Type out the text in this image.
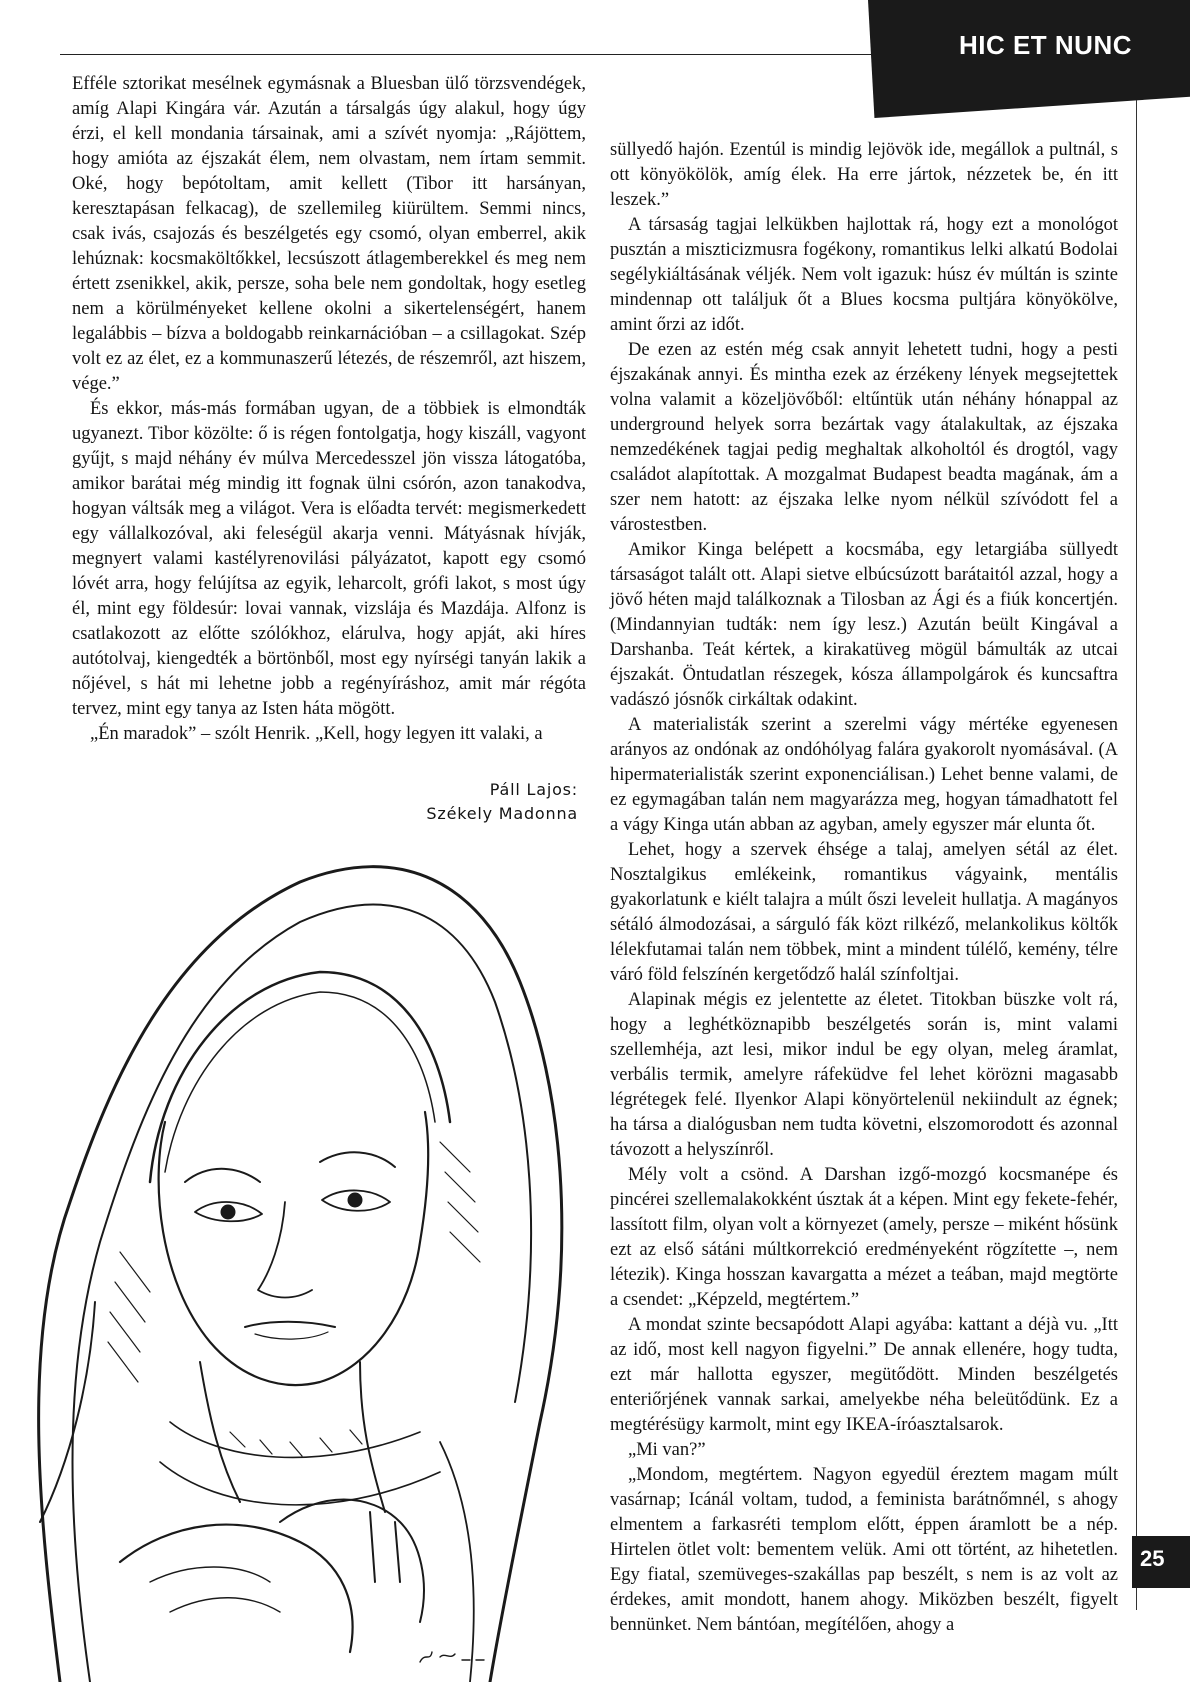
HIC ET NUNC

Efféle sztorikat mesélnek egymásnak a Bluesban ülő törzsvendégek, amíg Alapi Kingára vár. Azután a társalgás úgy alakul, hogy úgy érzi, el kell mondania társainak, ami a szívét nyomja: „Rájöttem, hogy amióta az éjszakát élem, nem olvastam, nem írtam semmit. Oké, hogy bepótoltam, amit kellett (Tibor itt harsányan, keresztapásan felkacag), de szellemileg kiürültem. Semmi nincs, csak ivás, csajozás és beszélgetés egy csomó, olyan emberrel, akik lehúznak: kocsmaköltőkkel, lecsúszott átlagemberekkel és meg nem értett zsenikkel, akik, persze, soha bele nem gondoltak, hogy esetleg nem a körülményeket kellene okolni a sikertelenségért, hanem legalábbis – bízva a boldogabb reinkarnációban – a csillagokat. Szép volt ez az élet, ez a kommunaszerű létezés, de részemről, azt hiszem, vége.”

És ekkor, más-más formában ugyan, de a többiek is elmondták ugyanezt. Tibor közölte: ő is régen fontolgatja, hogy kiszáll, vagyont gyűjt, s majd néhány év múlva Mercedesszel jön vissza látogatóba, amikor barátai még mindig itt fognak ülni csórón, azon tanakodva, hogyan váltsák meg a világot. Vera is előadta tervét: megismerkedett egy vállalkozóval, aki feleségül akarja venni. Mátyásnak hívják, megnyert valami kastélyrenovilási pályázatot, kapott egy csomó lóvét arra, hogy felújítsa az egyik, leharcolt, grófi lakot, s most úgy él, mint egy földesúr: lovai vannak, vizslája és Mazdája. Alfonz is csatlakozott az előtte szólókhoz, elárulva, hogy apját, aki híres autótolvaj, kiengedték a börtönből, most egy nyírségi tanyán lakik a nőjével, s hát mi lehetne jobb a regényíráshoz, amit már régóta tervez, mint egy tanya az Isten háta mögött.

„Én maradok” – szólt Henrik. „Kell, hogy legyen itt valaki, a

Páll Lajos:
Székely Madonna

süllyedő hajón. Ezentúl is mindig lejövök ide, megállok a pultnál, s ott könyökölök, amíg élek. Ha erre jártok, nézzetek be, én itt leszek.”

A társaság tagjai lelkükben hajlottak rá, hogy ezt a monológot pusztán a miszticizmusra fogékony, romantikus lelki alkatú Bodolai segélykiáltásának véljék. Nem volt igazuk: húsz év múltán is szinte mindennap ott találjuk őt a Blues kocsma pultjára könyökölve, amint őrzi az időt.

De ezen az estén még csak annyit lehetett tudni, hogy a pesti éjszakának annyi. És mintha ezek az érzékeny lények megsejtettek volna valamit a közeljövőből: eltűntük után néhány hónappal az underground helyek sorra bezártak vagy átalakultak, az éjszaka nemzedékének tagjai pedig meghaltak alkoholtól és drogtól, vagy családot alapítottak. A mozgalmat Budapest beadta magának, ám a szer nem hatott: az éjszaka lelke nyom nélkül szívódott fel a várostestben.

Amikor Kinga belépett a kocsmába, egy letargiába süllyedt társaságot talált ott. Alapi sietve elbúcsúzott barátaitól azzal, hogy a jövő héten majd találkoznak a Tilosban az Ági és a fiúk koncertjén. (Mindannyian tudták: nem így lesz.) Azután beült Kingával a Darshanba. Teát kértek, a kirakatüveg mögül bámulták az utcai éjszakát. Öntudatlan részegek, kósza állampolgárok és kuncsaftra vadászó jósnők cirkáltak odakint.

A materialisták szerint a szerelmi vágy mértéke egyenesen arányos az ondónak az ondóhólyag falára gyakorolt nyomásával. (A hipermaterialisták szerint exponenciálisan.) Lehet benne valami, de ez egymagában talán nem magyarázza meg, hogyan támadhatott fel a vágy Kinga után abban az agyban, amely egyszer már elunta őt.

Lehet, hogy a szervek éhsége a talaj, amelyen sétál az élet. Nosztalgikus emlékeink, romantikus vágyaink, mentális gyakorlatunk e kiélt talajra a múlt őszi leveleit hullatja. A magányos sétáló álmodozásai, a sárguló fák közt rilkéző, melankolikus költők lélekfutamai talán nem többek, mint a mindent túlélő, kemény, télre váró föld felszínén kergetődző halál színfoltjai.

Alapinak mégis ez jelentette az életet. Titokban büszke volt rá, hogy a leghétköznapibb beszélgetés során is, mint valami szellemhéja, azt lesi, mikor indul be egy olyan, meleg áramlat, verbális termik, amelyre ráfeküdve fel lehet körözni magasabb légrétegek felé. Ilyenkor Alapi könyörtelenül nekiindult az égnek; ha társa a dialógusban nem tudta követni, elszomorodott és azonnal távozott a helyszínről.

Mély volt a csönd. A Darshan izgő-mozgó kocsmanépe és pincérei szellemalakokként úsztak át a képen. Mint egy fekete-fehér, lassított film, olyan volt a környezet (amely, persze – miként hősünk ezt az első sátáni múltkorrekció eredményeként rögzítette –, nem létezik). Kinga hosszan kavargatta a mézet a teában, majd megtörte a csendet: „Képzeld, megtértem.”

A mondat szinte becsapódott Alapi agyába: kattant a déjà vu. „Itt az idő, most kell nagyon figyelni.” De annak ellenére, hogy tudta, ezt már hallotta egyszer, megütődött. Minden beszélgetés enteriőrjének vannak sarkai, amelyekbe néha beleütődünk. Ez a megtérésügy karmolt, mint egy IKEA-íróasztalsarok.

„Mi van?”

„Mondom, megtértem. Nagyon egyedül éreztem magam múlt vasárnap; Icánál voltam, tudod, a feminista barátnőmnél, s ahogy elmentem a farkasréti templom előtt, éppen áramlott be a nép. Hirtelen ötlet volt: bementem velük. Ami ott történt, az hihetetlen. Egy fiatal, szemüveges-szakállas pap beszélt, s nem is az volt az érdekes, amit mondott, hanem ahogy. Miközben beszélt, figyelt bennünket. Nem bántóan, megítélően, ahogy a

25
